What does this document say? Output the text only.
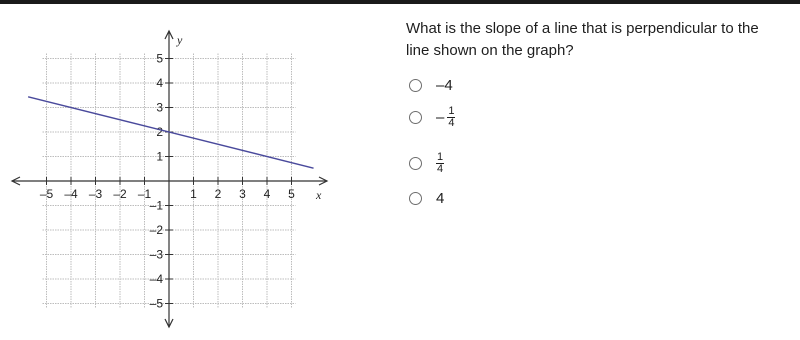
–5 –4 –3 –2 –1	1 2 3 4 5
–5
–4
–3
–2
–1
1
2
3
4
5
x
y
What is the slope of a line that is perpendicular to the line shown on the graph?
– 4
– $\frac{1}{4}$
$\frac{1}{4}$
4
